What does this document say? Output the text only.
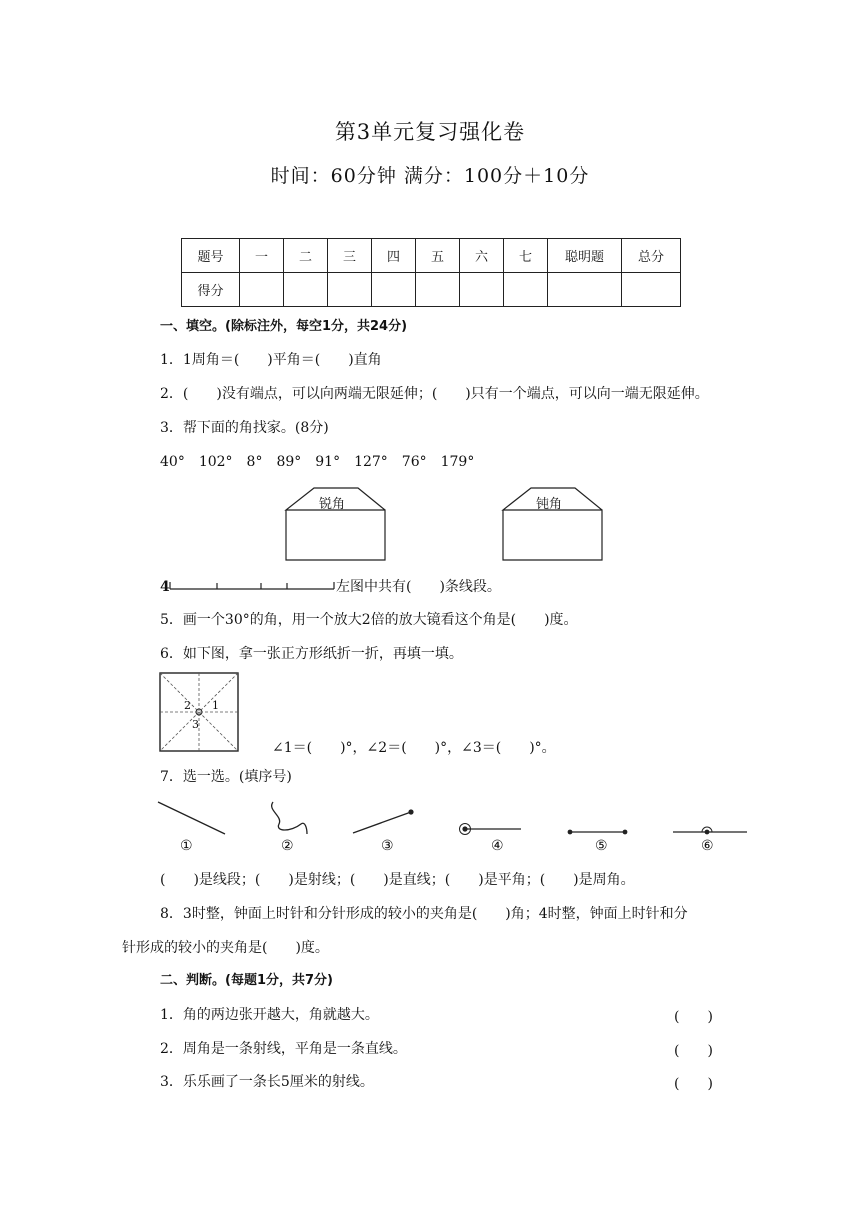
第3单元复习强化卷
时间：60分钟 满分：100分＋10分
题号	一	二	三	四	五	六	七	聪明题	总分
得分									
一、填空。(除标注外，每空1分，共24分)
1．1周角＝(　　)平角＝(　　)直角
2．(　　)没有端点，可以向两端无限延伸；(　　)只有一个端点，可以向一端无限延伸。
3．帮下面的角找家。(8分)
40°　102°　8°　89°　91°　127°　76°　179°
锐角	钝角
4	左图中共有(　　)条线段。
5．画一个30°的角，用一个放大2倍的放大镜看这个角是(　　)度。
6．如下图，拿一张正方形纸折一折，再填一填。
2 1
3
∠1＝(　　)°，∠2＝(　　)°，∠3＝(　　)°。
7．选一选。(填序号)
①	②	③	④	⑤	⑥
(　　)是线段；(　　)是射线；(　　)是直线；(　　)是平角；(　　)是周角。
8．3时整，钟面上时针和分针形成的较小的夹角是(　　)角；4时整，钟面上时针和分
针形成的较小的夹角是(　　)度。
二、判断。(每题1分，共7分)
1．角的两边张开越大，角就越大。	(　　)
2．周角是一条射线，平角是一条直线。	(　　)
3．乐乐画了一条长5厘米的射线。	(　　)
